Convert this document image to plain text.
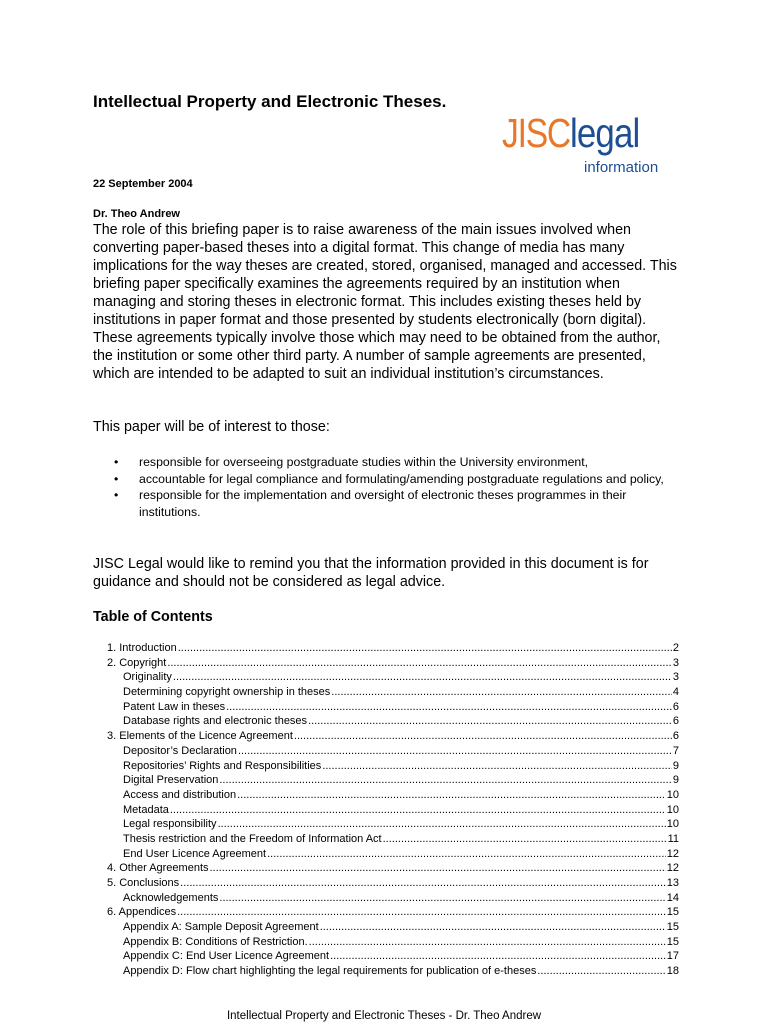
Intellectual Property and Electronic Theses.
JISC legal
information
22 September 2004
Dr. Theo Andrew
The role of this briefing paper is to raise awareness of the main issues involved when converting paper-based theses into a digital format. This change of media has many implications for the way theses are created, stored, organised, managed and accessed. This briefing paper specifically examines the agreements required by an institution when managing and storing theses in electronic format. This includes existing theses held by institutions in paper format and those presented by students electronically (born digital). These agreements typically involve those which may need to be obtained from the author, the institution or some other third party. A number of sample agreements are presented, which are intended to be adapted to suit an individual institution’s circumstances.
This paper will be of interest to those:
• responsible for overseeing postgraduate studies within the University environment,
• accountable for legal compliance and formulating/amending postgraduate regulations and policy,
• responsible for the implementation and oversight of electronic theses programmes in their institutions.
JISC Legal would like to remind you that the information provided in this document is for guidance and should not be considered as legal advice.
Table of Contents
1. Introduction .....	2
2. Copyright .....	3
Originality .....	3
Determining copyright ownership in theses .....	4
Patent Law in theses .....	6
Database rights and electronic theses .....	6
3. Elements of the Licence Agreement .....	6
Depositor’s Declaration .....	7
Repositories’ Rights and Responsibilities .....	9
Digital Preservation .....	9
Access and distribution .....	10
Metadata .....	10
Legal responsibility .....	10
Thesis restriction and the Freedom of Information Act .....	11
End User Licence Agreement .....	12
4. Other Agreements .....	12
5. Conclusions .....	13
Acknowledgements .....	14
6. Appendices .....	15
Appendix A: Sample Deposit Agreement .....	15
Appendix B: Conditions of Restriction. .....	15
Appendix C: End User Licence Agreement .....	17
Appendix D: Flow chart highlighting the legal requirements for publication of e-theses .....	18
Intellectual Property and Electronic Theses - Dr. Theo Andrew
